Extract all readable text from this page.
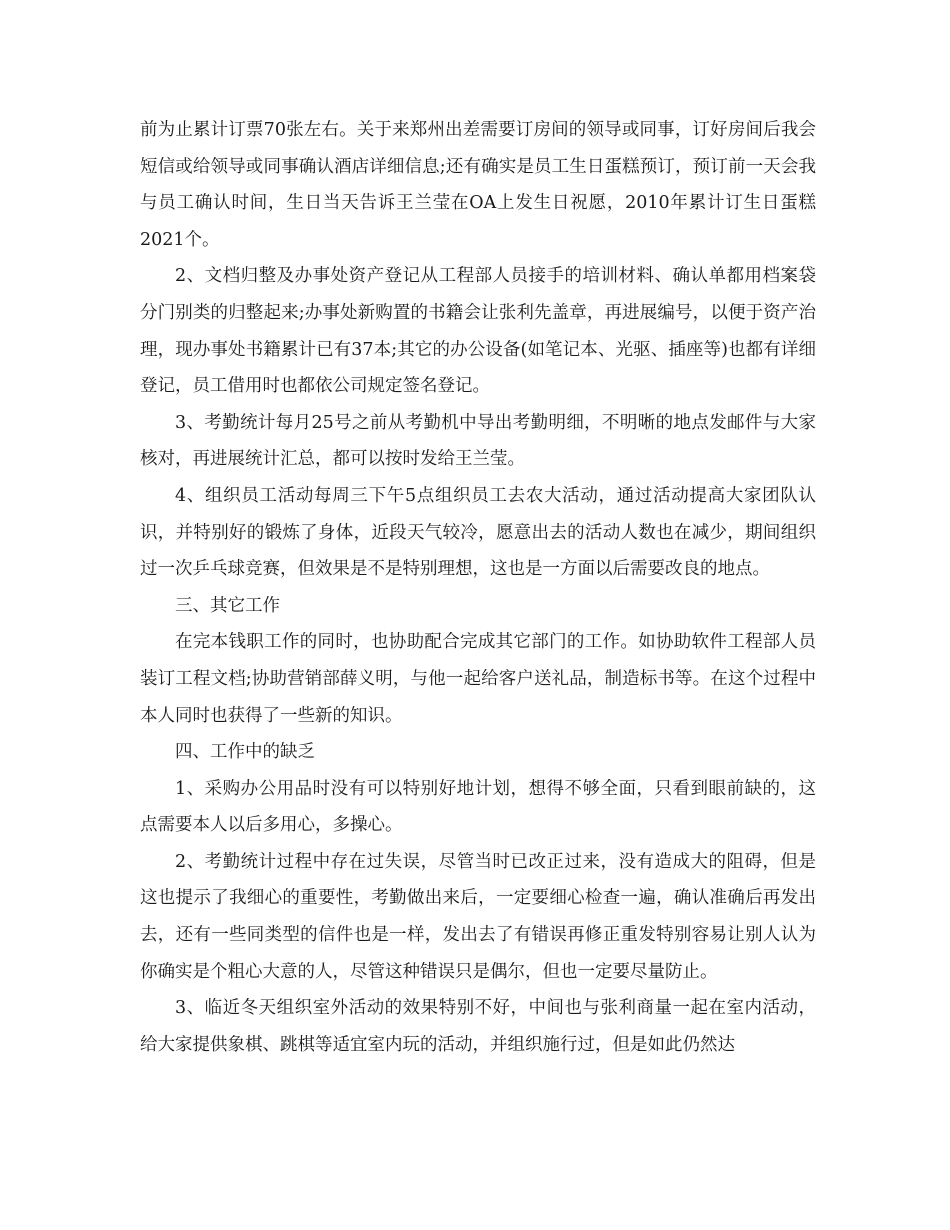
前为止累计订票70张左右。关于来郑州出差需要订房间的领导或同事，订好房间后我会短信或给领导或同事确认酒店详细信息;还有确实是员工生日蛋糕预订，预订前一天会我与员工确认时间，生日当天告诉王兰莹在OA上发生日祝愿，2010年累计订生日蛋糕2021个。

2、文档归整及办事处资产登记从工程部人员接手的培训材料、确认单都用档案袋分门别类的归整起来;办事处新购置的书籍会让张利先盖章，再进展编号，以便于资产治理，现办事处书籍累计已有37本;其它的办公设备(如笔记本、光驱、插座等)也都有详细登记，员工借用时也都依公司规定签名登记。

3、考勤统计每月25号之前从考勤机中导出考勤明细，不明晰的地点发邮件与大家核对，再进展统计汇总，都可以按时发给王兰莹。

4、组织员工活动每周三下午5点组织员工去农大活动，通过活动提高大家团队认识，并特别好的锻炼了身体，近段天气较冷，愿意出去的活动人数也在减少，期间组织过一次乒乓球竞赛，但效果是不是特别理想，这也是一方面以后需要改良的地点。

三、其它工作

在完本钱职工作的同时，也协助配合完成其它部门的工作。如协助软件工程部人员装订工程文档;协助营销部薛义明，与他一起给客户送礼品，制造标书等。在这个过程中本人同时也获得了一些新的知识。

四、工作中的缺乏

1、采购办公用品时没有可以特别好地计划，想得不够全面，只看到眼前缺的，这点需要本人以后多用心，多操心。

2、考勤统计过程中存在过失误，尽管当时已改正过来，没有造成大的阻碍，但是这也提示了我细心的重要性，考勤做出来后，一定要细心检查一遍，确认准确后再发出去，还有一些同类型的信件也是一样，发出去了有错误再修正重发特别容易让别人认为你确实是个粗心大意的人，尽管这种错误只是偶尔，但也一定要尽量防止。

3、临近冬天组织室外活动的效果特别不好，中间也与张利商量一起在室内活动，给大家提供象棋、跳棋等适宜室内玩的活动，并组织施行过，但是如此仍然达
